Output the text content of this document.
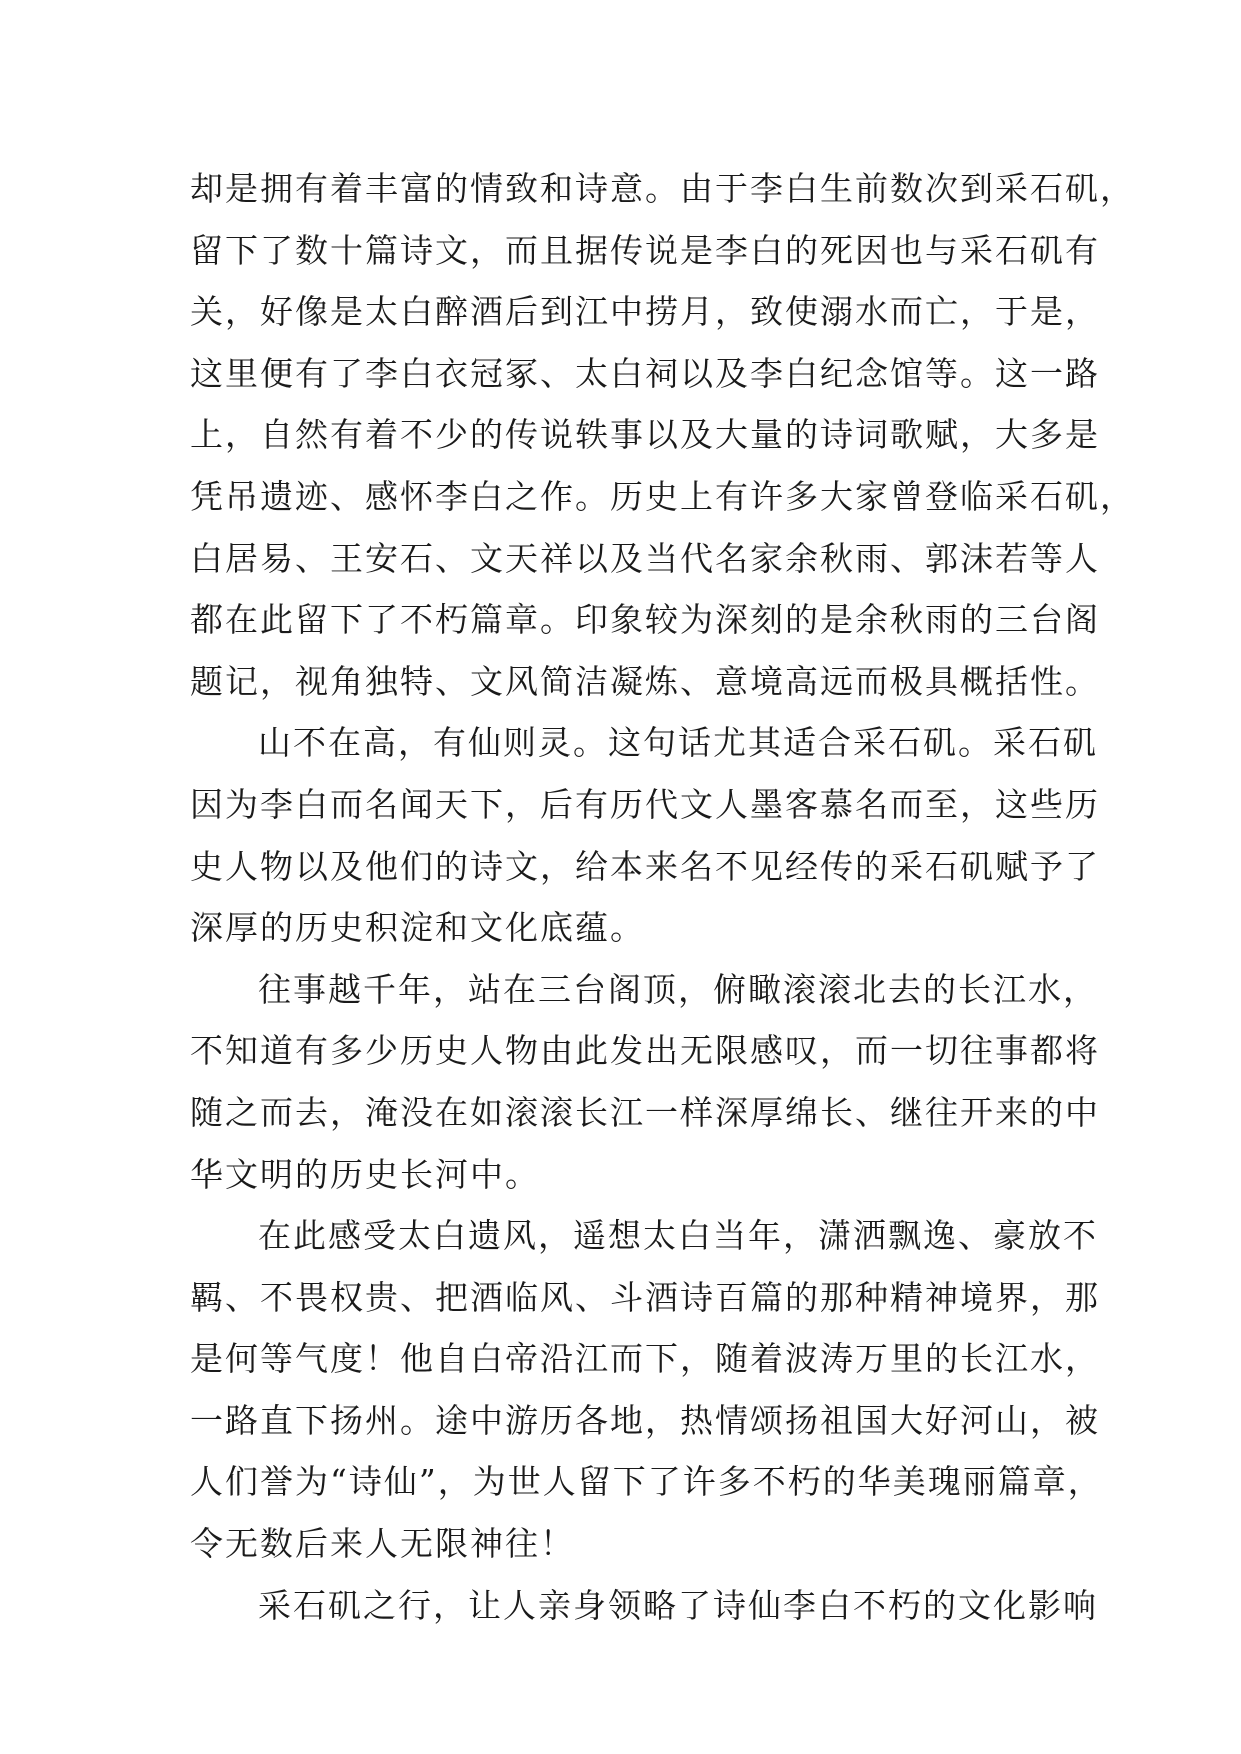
却是拥有着丰富的情致和诗意。由于李白生前数次到采石矶，
留下了数十篇诗文，而且据传说是李白的死因也与采石矶有
关，好像是太白醉酒后到江中捞月，致使溺水而亡，于是，
这里便有了李白衣冠冢、太白祠以及李白纪念馆等。这一路
上，自然有着不少的传说轶事以及大量的诗词歌赋，大多是
凭吊遗迹、感怀李白之作。历史上有许多大家曾登临采石矶，
白居易、王安石、文天祥以及当代名家余秋雨、郭沫若等人
都在此留下了不朽篇章。印象较为深刻的是余秋雨的三台阁
题记，视角独特、文风简洁凝炼、意境高远而极具概括性。
山不在高，有仙则灵。这句话尤其适合采石矶。采石矶
因为李白而名闻天下，后有历代文人墨客慕名而至，这些历
史人物以及他们的诗文，给本来名不见经传的采石矶赋予了
深厚的历史积淀和文化底蕴。
往事越千年，站在三台阁顶，俯瞰滚滚北去的长江水，
不知道有多少历史人物由此发出无限感叹，而一切往事都将
随之而去，淹没在如滚滚长江一样深厚绵长、继往开来的中
华文明的历史长河中。
在此感受太白遗风，遥想太白当年，潇洒飘逸、豪放不
羁、不畏权贵、把酒临风、斗酒诗百篇的那种精神境界，那
是何等气度！他自白帝沿江而下，随着波涛万里的长江水，
一路直下扬州。途中游历各地，热情颂扬祖国大好河山，被
人们誉为“诗仙”，为世人留下了许多不朽的华美瑰丽篇章，
令无数后来人无限神往！
采石矶之行，让人亲身领略了诗仙李白不朽的文化影响
